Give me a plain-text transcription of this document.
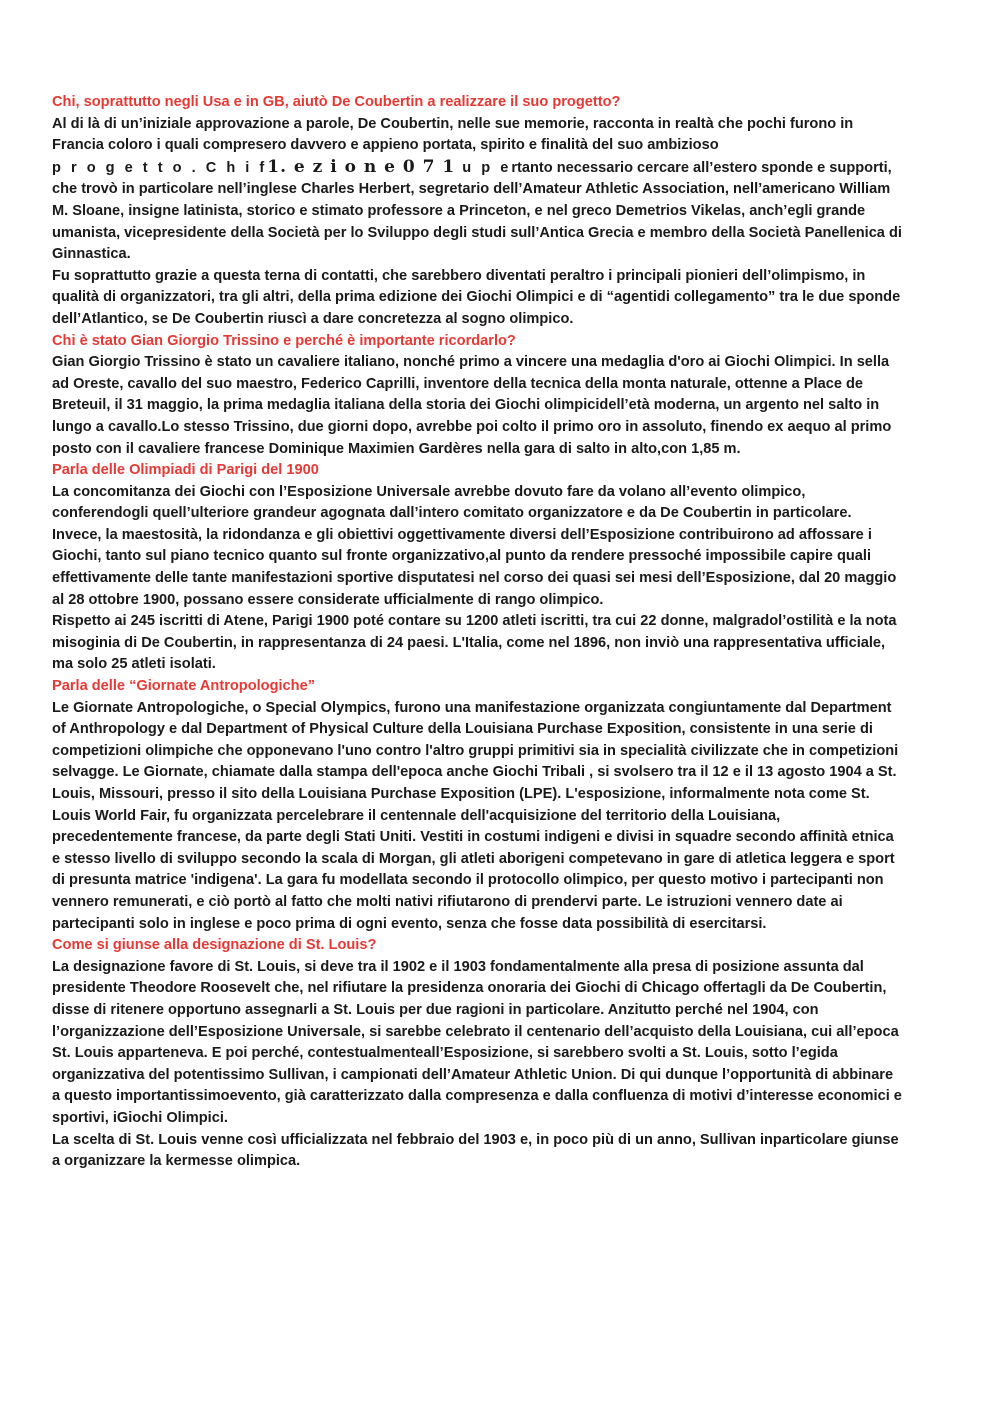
Chi, soprattutto negli Usa e in GB, aiutò De Coubertin a realizzare il suo progetto?

Al di là di un’iniziale approvazione a parole, De Coubertin, nelle sue memorie, racconta in realtà che pochi furono in Francia coloro i quali compresero davvero e appieno portata, spirito e finalità del suo ambizioso
p r o g e t t o . C h i f1. e z i o n e 0 7 1 u p ertanto necessario cercare all’estero sponde e supporti, che trovò in particolare nell’inglese Charles Herbert, segretario dell’Amateur Athletic Association, nell’americano William M. Sloane, insigne latinista, storico e stimato professore a Princeton, e nel greco Demetrios Vikelas, anch’egli grande umanista, vicepresidente della Società per lo Sviluppo degli studi sull’Antica Grecia e membro della Società Panellenica di Ginnastica.

Fu soprattutto grazie a questa terna di contatti, che sarebbero diventati peraltro i principali pionieri dell’olimpismo, in qualità di organizzatori, tra gli altri, della prima edizione dei Giochi Olimpici e di “agentidi collegamento” tra le due sponde dell’Atlantico, se De Coubertin riuscì a dare concretezza al sogno olimpico.

Chi è stato Gian Giorgio Trissino e perché è importante ricordarlo?

Gian Giorgio Trissino è stato un cavaliere italiano, nonché primo a vincere una medaglia d'oro ai Giochi Olimpici. In sella ad Oreste, cavallo del suo maestro, Federico Caprilli, inventore della tecnica della monta naturale, ottenne a Place de Breteuil, il 31 maggio, la prima medaglia italiana della storia dei Giochi olimpicidell’età moderna, un argento nel salto in lungo a cavallo.Lo stesso Trissino, due giorni dopo, avrebbe poi colto il primo oro in assoluto, finendo ex aequo al primo posto con il cavaliere francese Dominique Maximien Gardères nella gara di salto in alto,con 1,85 m.

Parla delle Olimpiadi di Parigi del 1900

La concomitanza dei Giochi con l’Esposizione Universale avrebbe dovuto fare da volano all’evento olimpico, conferendogli quell’ulteriore grandeur agognata dall’intero comitato organizzatore e da De Coubertin in particolare. Invece, la maestosità, la ridondanza e gli obiettivi oggettivamente diversi dell’Esposizione contribuirono ad affossare i Giochi, tanto sul piano tecnico quanto sul fronte organizzativo,al punto da rendere pressoché impossibile capire quali effettivamente delle tante manifestazioni sportive disputatesi nel corso dei quasi sei mesi dell’Esposizione, dal 20 maggio al 28 ottobre 1900, possano essere considerate ufficialmente di rango olimpico.

Rispetto ai 245 iscritti di Atene, Parigi 1900 poté contare su 1200 atleti iscritti, tra cui 22 donne, malgradol’ostilità e la nota misoginia di De Coubertin, in rappresentanza di 24 paesi. L'Italia, come nel 1896, non inviò una rappresentativa ufficiale, ma solo 25 atleti isolati.

Parla delle “Giornate Antropologiche”

Le Giornate Antropologiche, o Special Olympics, furono una manifestazione organizzata congiuntamente dal Department of Anthropology e dal Department of Physical Culture della Louisiana Purchase Exposition, consistente in una serie di competizioni olimpiche che opponevano l'uno contro l'altro gruppi primitivi sia in specialità civilizzate che in competizioni selvagge. Le Giornate, chiamate dalla stampa dell'epoca anche Giochi Tribali , si svolsero tra il 12 e il 13 agosto 1904 a St. Louis, Missouri, presso il sito della Louisiana Purchase Exposition (LPE). L'esposizione, informalmente nota come St. Louis World Fair, fu organizzata percelebrare il centennale dell'acquisizione del territorio della Louisiana, precedentemente francese, da parte degli Stati Uniti. Vestiti in costumi indigeni e divisi in squadre secondo affinità etnica e stesso livello di sviluppo secondo la scala di Morgan, gli atleti aborigeni competevano in gare di atletica leggera e sport di presunta matrice 'indigena'. La gara fu modellata secondo il protocollo olimpico, per questo motivo i partecipanti non vennero remunerati, e ciò portò al fatto che molti nativi rifiutarono di prendervi parte. Le istruzioni vennero date ai partecipanti solo in inglese e poco prima di ogni evento, senza che fosse data possibilità di esercitarsi.

Come si giunse alla designazione di St. Louis?

La designazione favore di St. Louis, si deve tra il 1902 e il 1903 fondamentalmente alla presa di posizione assunta dal presidente Theodore Roosevelt che, nel rifiutare la presidenza onoraria dei Giochi di Chicago offertagli da De Coubertin, disse di ritenere opportuno assegnarli a St. Louis per due ragioni in particolare. Anzitutto perché nel 1904, con l’organizzazione dell’Esposizione Universale, si sarebbe celebrato il centenario dell’acquisto della Louisiana, cui all’epoca St. Louis apparteneva. E poi perché, contestualmenteall’Esposizione, si sarebbero svolti a St. Louis, sotto l’egida organizzativa del potentissimo Sullivan, i campionati dell’Amateur Athletic Union. Di qui dunque l’opportunità di abbinare a questo importantissimoevento, già caratterizzato dalla compresenza e dalla confluenza di motivi d’interesse economici e sportivi, iGiochi Olimpici.

La scelta di St. Louis venne così ufficializzata nel febbraio del 1903 e, in poco più di un anno, Sullivan inparticolare giunse a organizzare la kermesse olimpica.
